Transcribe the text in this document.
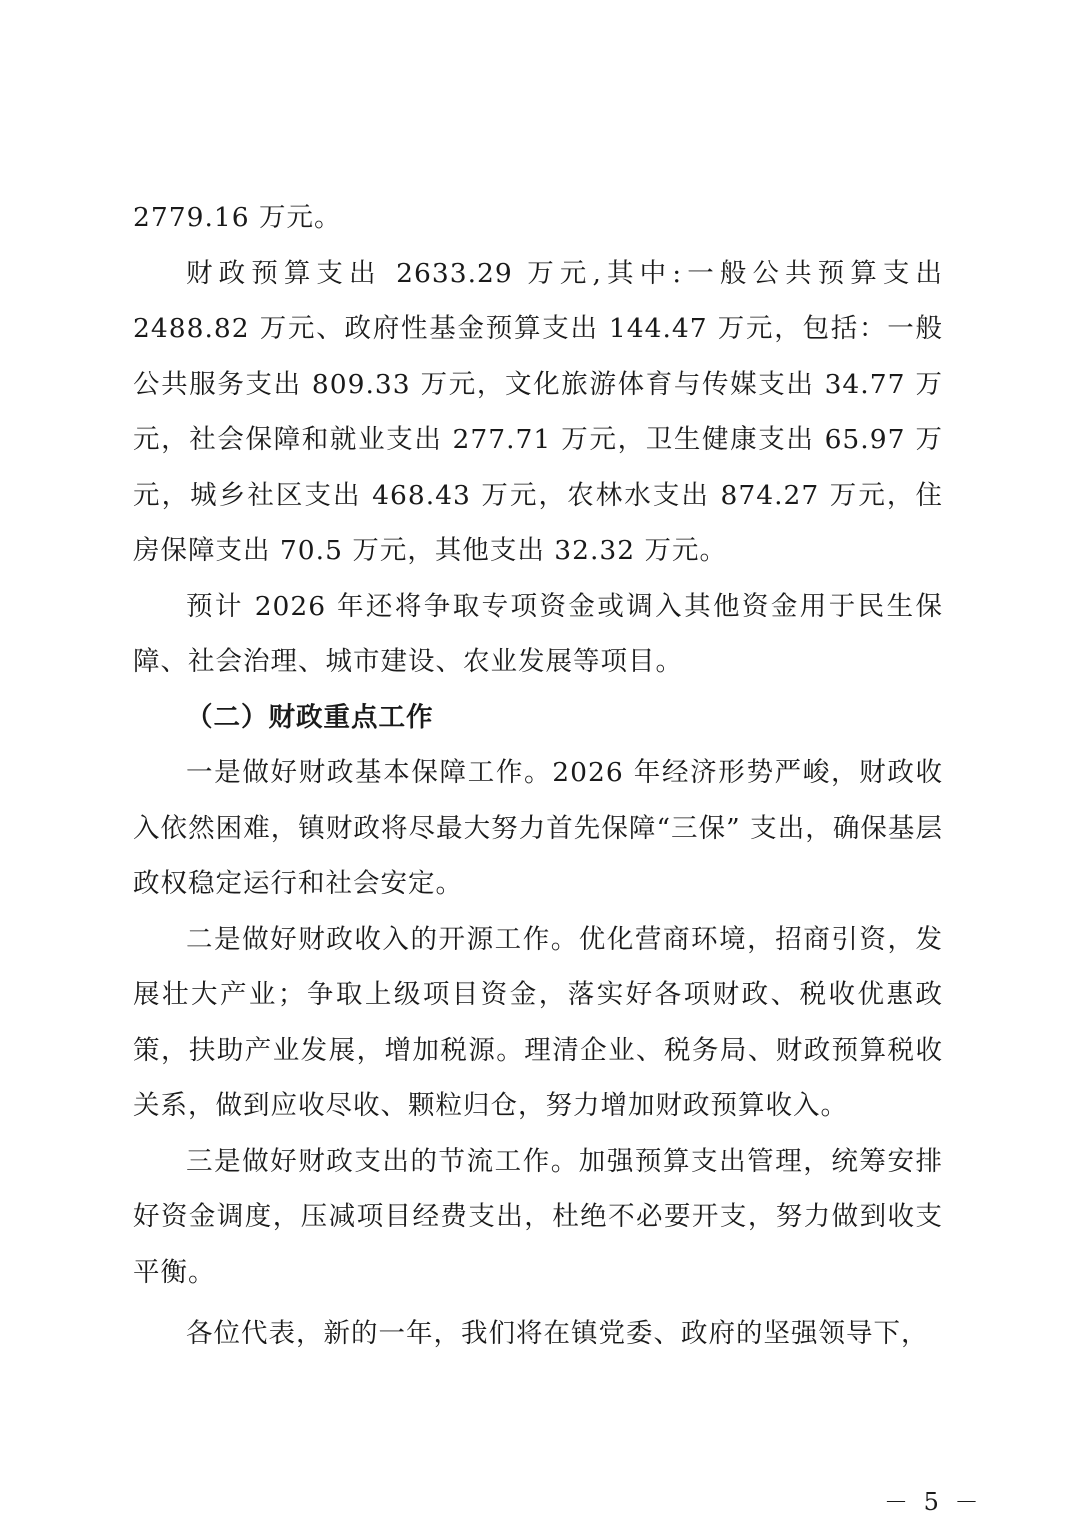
2779.16 万元。

财政预算支出 2633.29 万元,其中:一般公共预算支出 2488.82 万元、政府性基金预算支出 144.47 万元，包括：一般公共服务支出 809.33 万元，文化旅游体育与传媒支出 34.77 万元，社会保障和就业支出 277.71 万元，卫生健康支出 65.97 万元，城乡社区支出 468.43 万元，农林水支出 874.27 万元，住房保障支出 70.5 万元，其他支出 32.32 万元。

预计 2026 年还将争取专项资金或调入其他资金用于民生保障、社会治理、城市建设、农业发展等项目。

（二）财政重点工作

一是做好财政基本保障工作。2026 年经济形势严峻，财政收入依然困难，镇财政将尽最大努力首先保障“三保” 支出，确保基层政权稳定运行和社会安定。

二是做好财政收入的开源工作。优化营商环境，招商引资，发展壮大产业；争取上级项目资金，落实好各项财政、税收优惠政策，扶助产业发展，增加税源。理清企业、税务局、财政预算税收关系，做到应收尽收、颗粒归仓，努力增加财政预算收入。

三是做好财政支出的节流工作。加强预算支出管理，统筹安排好资金调度，压减项目经费支出，杜绝不必要开支，努力做到收支平衡。

各位代表，新的一年，我们将在镇党委、政府的坚强领导下，

－ 5 －
